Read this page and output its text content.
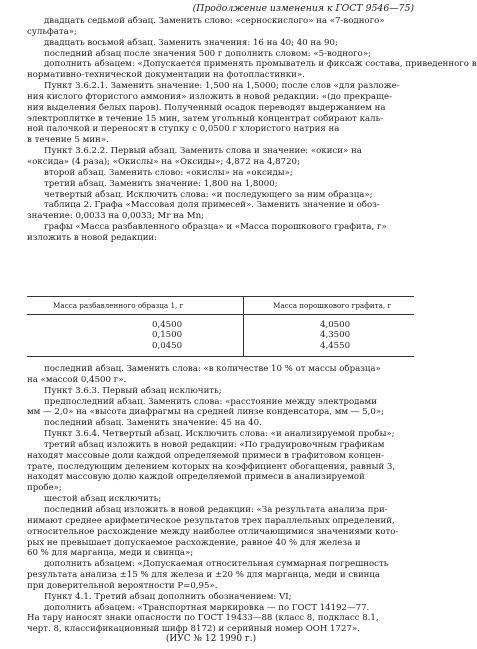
(Продолжение изменения к ГОСТ 9546—75)
двадцать седьмой абзац. Заменить слово: «серноскислого» на «7-водного»
сульфата»;
двадцать восьмой абзац. Заменить значения: 16 на 40; 40 на 90;
последний абзац после значения 500 г дополнить словом: «5-водного»;
дополнить абзацем: «Допускается применять промыватель и фиксаж состава, приведенного в
нормативно-технической документации на фотопластинки».
Пункт 3.6.2.1. Заменить значение: 1,500 на 1,5000; после слов «для разложе-
ния кислого фтористого аммония» изложить в новой редакции: «(до прекраще-
ния выделения белых паров). Полученный осадок переводят выдержанием на
электроплитке в течение 15 мин, затем угольный концентрат собирают каль-
ной палочкой и переносят в ступку с 0,0500 г хлористого натрия на
в течение 5 мин».
Пункт 3.6.2.2. Первый абзац. Заменить слова и значение: «окиси» на
«оксида» (4 раза); «Окислы» на «Оксиды»; 4,872 на 4,8720;
второй абзац. Заменить слово: «окислы» на «оксиды»;
третий абзац. Заменить значение: 1,800 на 1,8000;
четвертый абзац. Исключить слова: «и последующего за ним образца»;
таблица 2. Графа «Массовая доля примесей». Заменить значение и обоз-
значение: 0,0033 на 0,0033; Mr на Mn;
графы «Масса разбавленного образца» и «Масса порошкового графита, г»
изложить в новой редакции:
Масса разбавленного образца 1, г	Масса порошкового графита, г
0,4500
0,1500
0,0450
4,0500
4,3500
4,4550
последний абзац. Заменить слова: «в количестве 10 % от массы образца»
на «массой 0,4500 г».
Пункт 3.6.3. Первый абзац исключить;
предпоследний абзац. Заменить слова: «расстояние между электродами
мм — 2,0» на «высота диафрагмы на средней линзе конденсатора, мм — 5,0»;
последний абзац. Заменить значение: 45 на 40.
Пункт 3.6.4. Четвертый абзац. Исключить слова: «и анализируемой пробы»;
третий абзац изложить в новой редакции: «По градуировочным графикам
находят массовые доли каждой определяемой примеси в графитовом концен-
трате, последующим делением которых на коэффициент обогащения, равный 3,
находят массовую долю каждой определяемой примеси в анализируемой
пробе»;
шестой абзац исключить;
последний абзац изложить в новой редакции: «За результата анализа при-
нимают среднее арифметическое результатов трех параллельных определений,
относительное расхождение между наиболее отличающимися значениями кото-
рых не превышает допускаемое расхождение, равное 40 % для железа и
60 % для марганца, меди и свинца»;
дополнить абзацем: «Допускаемая относительная суммарная погрешность
результата анализа ±15 % для железа и ±20 % для марганца, меди и свинца
при доверительной вероятности P=0,95».
Пункт 4.1. Третий абзац дополнить обозначением: VI;
дополнить абзацем: «Транспортная маркировка — по ГОСТ 14192—77.
На тару наносят знаки опасности по ГОСТ 19433—88 (класс 8, подкласс 8.1,
черт. 8, классификационный шифр 8172) и серийный номер ООН 1727».
(ИУС № 12 1990 г.)
